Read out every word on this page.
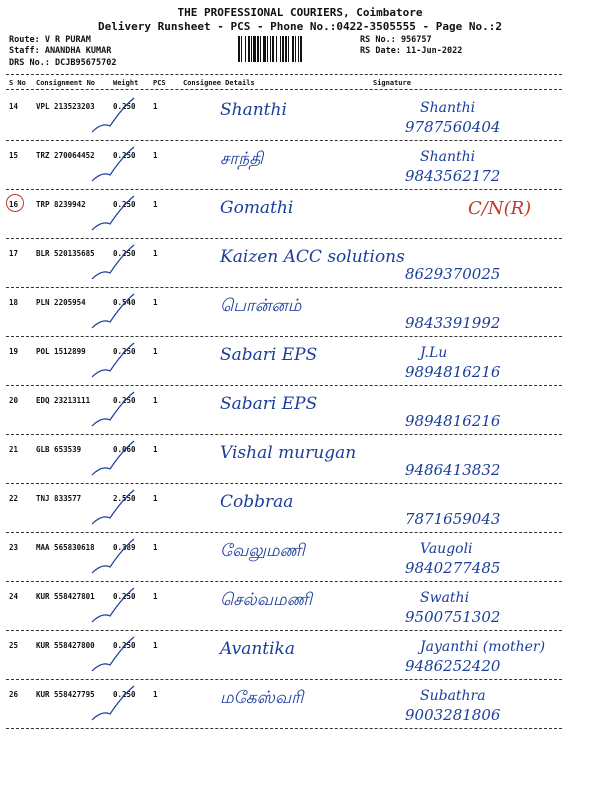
THE PROFESSIONAL COURIERS, Coimbatore
Delivery Runsheet - PCS - Phone No.:0422-3505555 - Page No.:2
Route: V R PURAM
Staff: ANANDHA KUMAR
DRS No.: DCJB95675702
RS No.: 956757
RS Date: 11-Jun-2022
S No Consignment No	Weight PCS Consignee Details	Signature
14 VPL 213523203 0.250 1	Shanthi	Shanthi
9787560404
15 TRZ 270064452 0.250 1	சாந்தி	Shanthi
9843562172
16 TRP 8239942	0.250 1	Gomathi	C/N(R)
17 BLR 520135685 0.250 1	Kaizen ACC solutions
8629370025
18 PLN 2205954	0.540 1	பொன்னம்
9843391992
19 POL 1512899	0.250 1	Sabari EPS	J.Lu
9894816216
20 EDQ 23213111	0.250 1	Sabari EPS
9894816216
21 GLB 653539	0.060 1	Vishal murugan
9486413832
22 TNJ 833577	2.550 1	Cobbraa
7871659043
23 MAA 565830618 0.389 1	வேலுமணி	Vaugoli
9840277485
24 KUR 558427801 0.250 1	செல்வமணி	Swathi
9500751302
25 KUR 558427800 0.250 1	Avantika	Jayanthi (mother)
9486252420
26 KUR 558427795 0.250 1	மகேஸ்வரி	Subathra
9003281806
